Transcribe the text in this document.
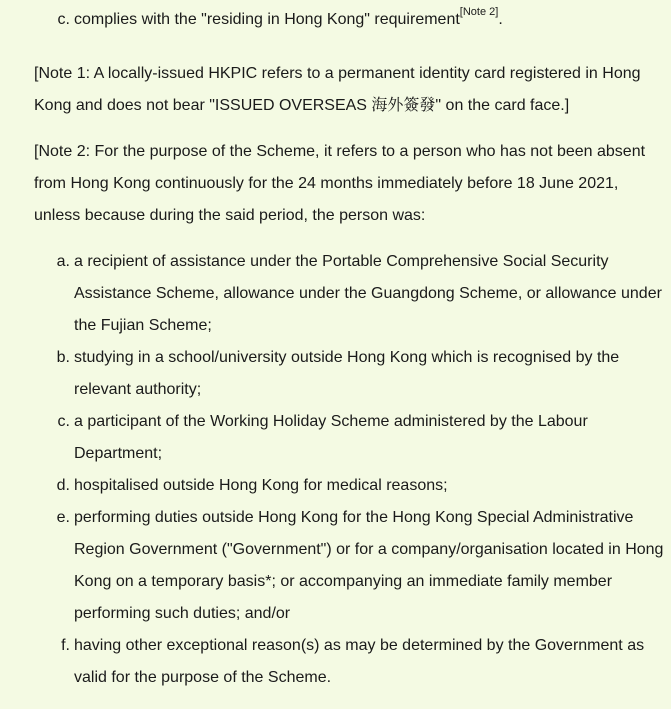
c. complies with the "residing in Hong Kong" requirement[Note 2].

[Note 1: A locally-issued HKPIC refers to a permanent identity card registered in Hong Kong and does not bear "ISSUED OVERSEAS 海外簽發" on the card face.]

[Note 2: For the purpose of the Scheme, it refers to a person who has not been absent from Hong Kong continuously for the 24 months immediately before 18 June 2021, unless because during the said period, the person was:

a. a recipient of assistance under the Portable Comprehensive Social Security Assistance Scheme, allowance under the Guangdong Scheme, or allowance under the Fujian Scheme;
b. studying in a school/university outside Hong Kong which is recognised by the relevant authority;
c. a participant of the Working Holiday Scheme administered by the Labour Department;
d. hospitalised outside Hong Kong for medical reasons;
e. performing duties outside Hong Kong for the Hong Kong Special Administrative Region Government ("Government") or for a company/organisation located in Hong Kong on a temporary basis*; or accompanying an immediate family member performing such duties; and/or
f. having other exceptional reason(s) as may be determined by the Government as valid for the purpose of the Scheme.
